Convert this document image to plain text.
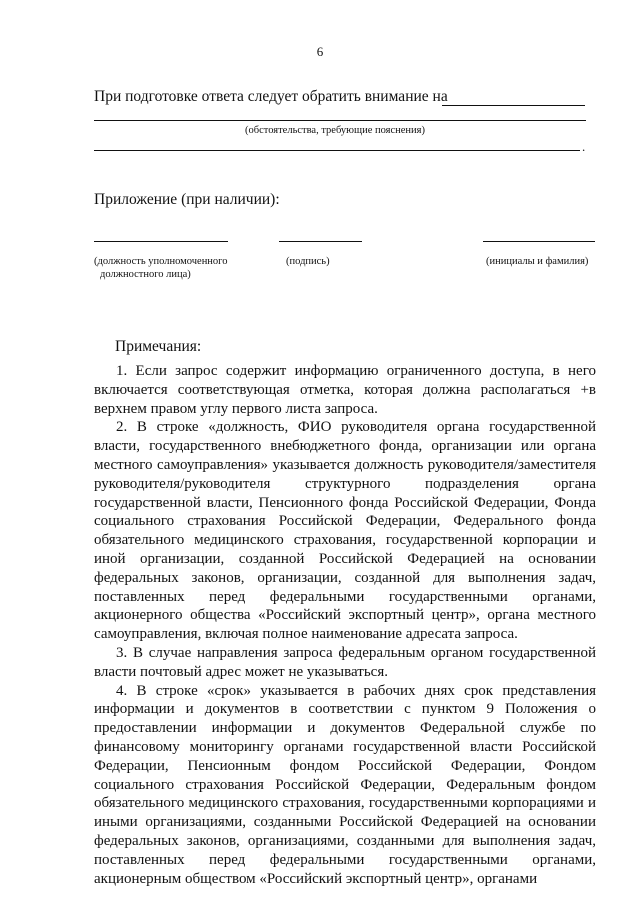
6
При подготовке ответа следует обратить внимание на
(обстоятельства, требующие пояснения)
.
Приложение (при наличии):
(должность уполномоченного
должностного лица)
(подпись)	(инициалы и фамилия)
Примечания:

1. Если запрос содержит информацию ограниченного доступа, в него включается соответствующая отметка, которая должна располагаться +в верхнем правом углу первого листа запроса.

2. В строке «должность, ФИО руководителя органа государственной власти, государственного внебюджетного фонда, организации или органа местного самоуправления» указывается должность руководителя/заместителя руководителя/руководителя структурного подразделения органа государственной власти, Пенсионного фонда Российской Федерации, Фонда социального страхования Российской Федерации, Федерального фонда обязательного медицинского страхования, государственной корпорации и иной организации, созданной Российской Федерацией на основании федеральных законов, организации, созданной для выполнения задач, поставленных перед федеральными государственными органами, акционерного общества «Российский экспортный центр», органа местного самоуправления, включая полное наименование адресата запроса.

3. В случае направления запроса федеральным органом государственной власти почтовый адрес может не указываться.

4. В строке «срок» указывается в рабочих днях срок представления информации и документов в соответствии с пунктом 9 Положения о предоставлении информации и документов Федеральной службе по финансовому мониторингу органами государственной власти Российской Федерации, Пенсионным фондом Российской Федерации, Фондом социального страхования Российской Федерации, Федеральным фондом обязательного медицинского страхования, государственными корпорациями и иными организациями, созданными Российской Федерацией на основании федеральных законов, организациями, созданными для выполнения задач, поставленных перед федеральными государственными органами, акционерным обществом «Российский экспортный центр», органами
